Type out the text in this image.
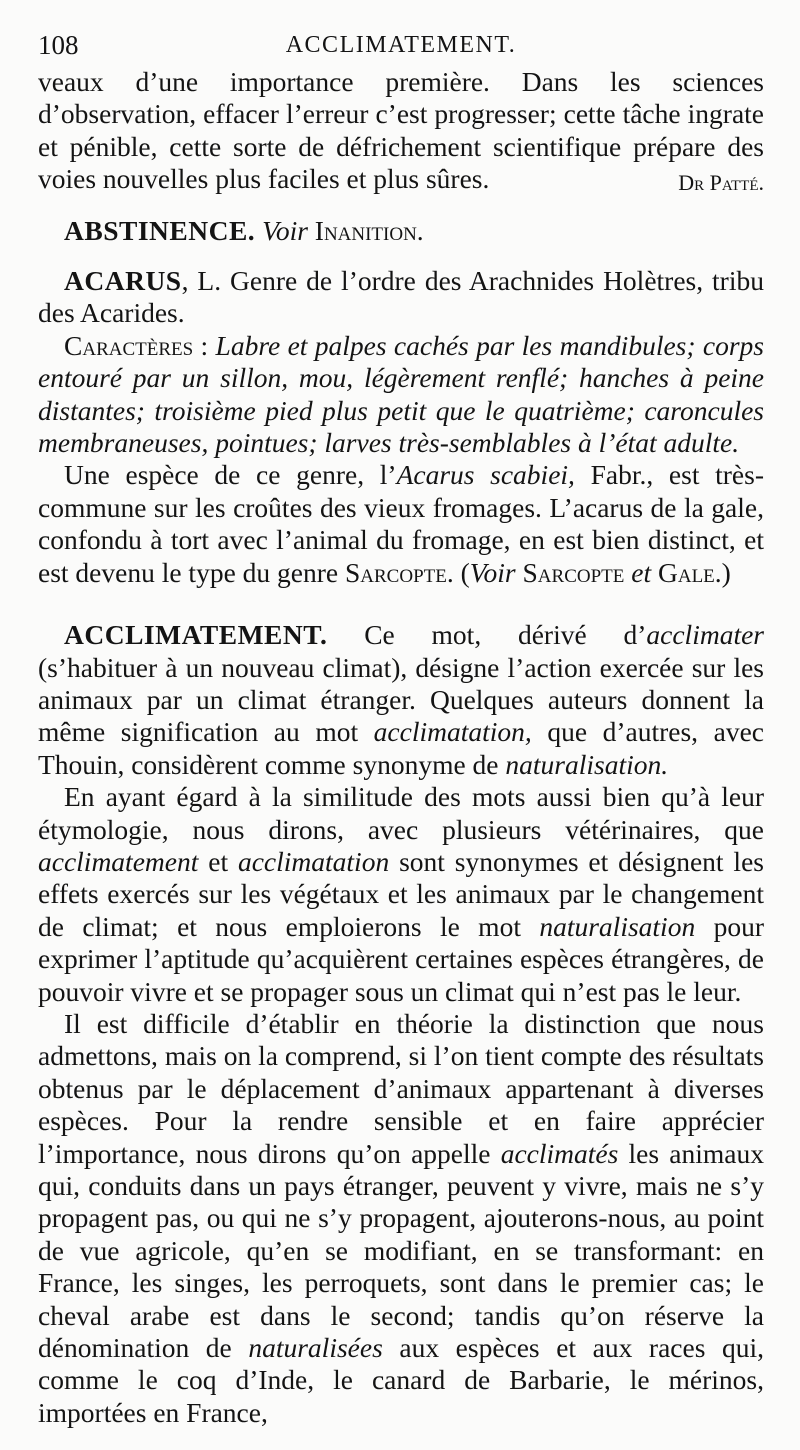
108	ACCLIMATEMENT.

veaux d’une importance première. Dans les sciences d’observation, effacer l’erreur c’est progresser; cette tâche ingrate et pénible, cette sorte de défrichement scientifique prépare des voies nouvelles plus faciles et plus sûres.	Dr Patté.

ABSTINENCE. Voir Inanition.

ACARUS, L. Genre de l’ordre des Arachnides Holètres, tribu des Acarides.

Caractères : Labre et palpes cachés par les mandibules; corps entouré par un sillon, mou, légèrement renflé; hanches à peine distantes; troisième pied plus petit que le quatrième; caroncules membraneuses, pointues; larves très-semblables à l’état adulte.

Une espèce de ce genre, l’Acarus scabiei, Fabr., est très-commune sur les croûtes des vieux fromages. L’acarus de la gale, confondu à tort avec l’animal du fromage, en est bien distinct, et est devenu le type du genre Sarcopte. (Voir Sarcopte et Gale.)

ACCLIMATEMENT. Ce mot, dérivé d’acclimater (s’habituer à un nouveau climat), désigne l’action exercée sur les animaux par un climat étranger. Quelques auteurs donnent la même signification au mot acclimatation, que d’autres, avec Thouin, considèrent comme synonyme de naturalisation.

En ayant égard à la similitude des mots aussi bien qu’à leur étymologie, nous dirons, avec plusieurs vétérinaires, que acclimatement et acclimatation sont synonymes et désignent les effets exercés sur les végétaux et les animaux par le changement de climat; et nous emploierons le mot naturalisation pour exprimer l’aptitude qu’acquièrent certaines espèces étrangères, de pouvoir vivre et se propager sous un climat qui n’est pas le leur.

Il est difficile d’établir en théorie la distinction que nous admettons, mais on la comprend, si l’on tient compte des résultats obtenus par le déplacement d’animaux appartenant à diverses espèces. Pour la rendre sensible et en faire apprécier l’importance, nous dirons qu’on appelle acclimatés les animaux qui, conduits dans un pays étranger, peuvent y vivre, mais ne s’y propagent pas, ou qui ne s’y propagent, ajouterons-nous, au point de vue agricole, qu’en se modifiant, en se transformant: en France, les singes, les perroquets, sont dans le premier cas; le cheval arabe est dans le second; tandis qu’on réserve la dénomination de naturalisées aux espèces et aux races qui, comme le coq d’Inde, le canard de Barbarie, le mérinos, importées en France,
